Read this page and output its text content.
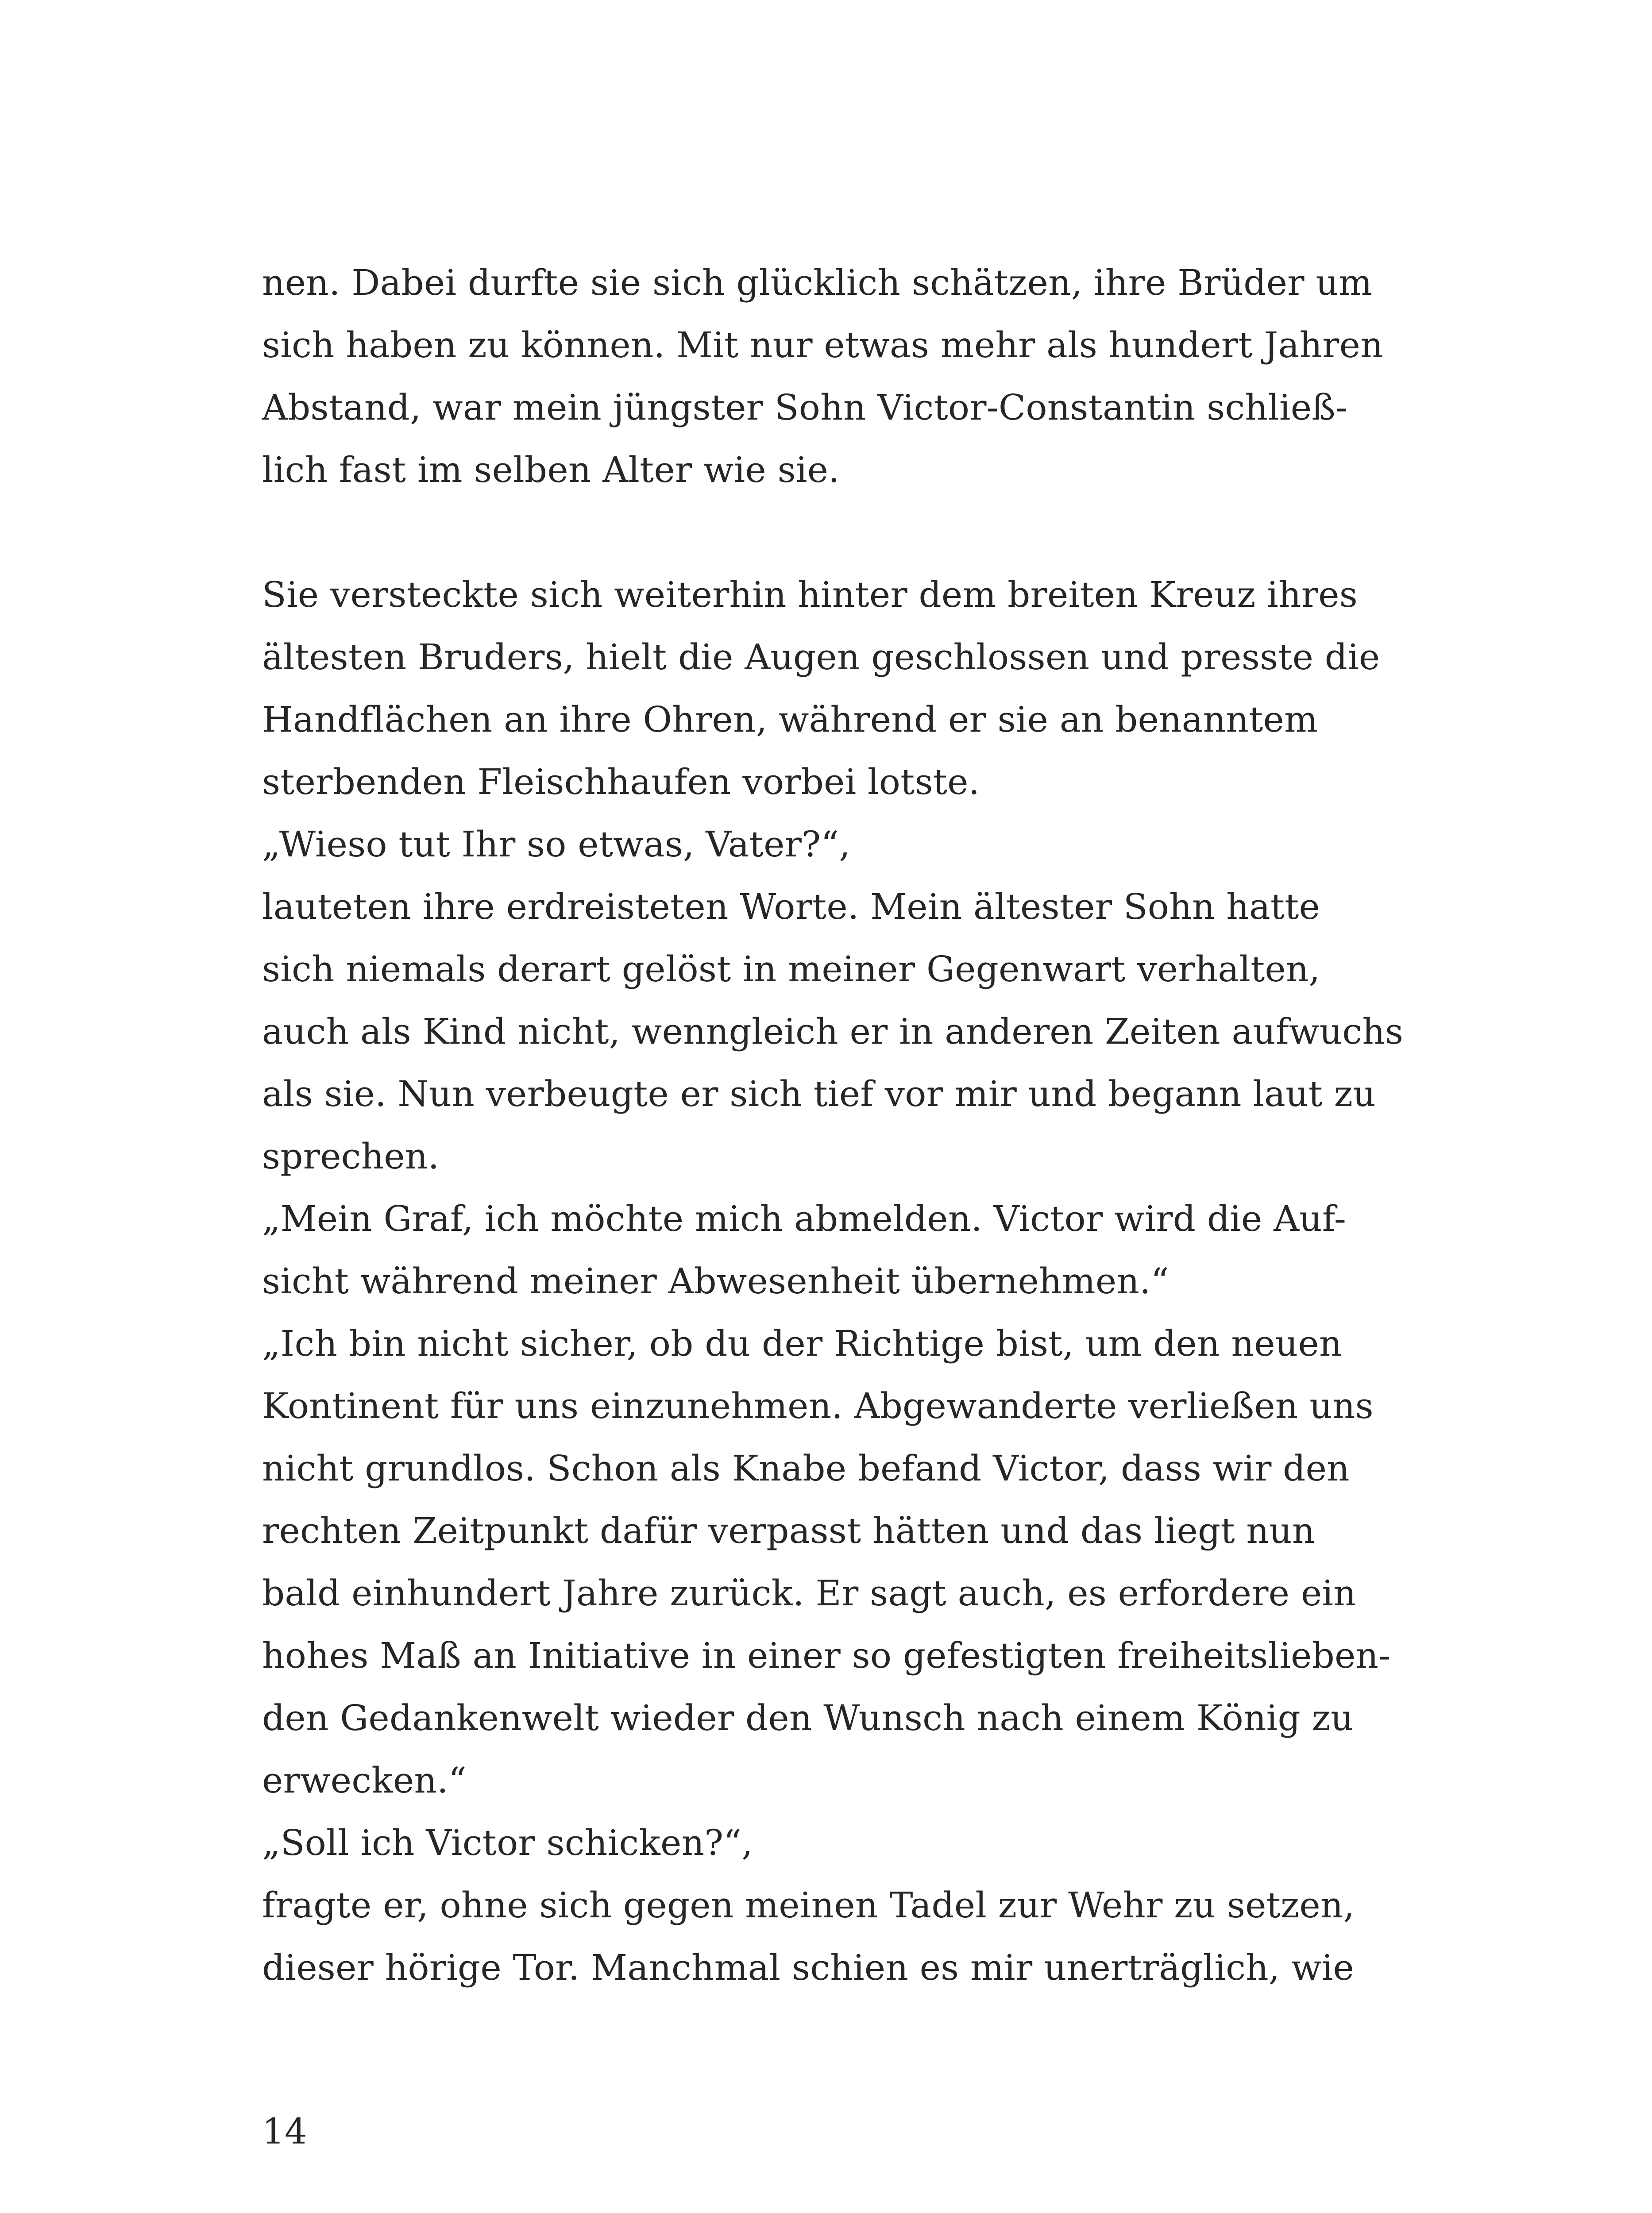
nen. Dabei durfte sie sich glücklich schätzen, ihre Brüder um
sich haben zu können. Mit nur etwas mehr als hundert Jahren
Abstand, war mein jüngster Sohn Victor-Constantin schließ-
lich fast im selben Alter wie sie.
Sie versteckte sich weiterhin hinter dem breiten Kreuz ihres
ältesten Bruders, hielt die Augen geschlossen und presste die
Handflächen an ihre Ohren, während er sie an benanntem
sterbenden Fleischhaufen vorbei lotste.
„Wieso tut Ihr so etwas, Vater?“,
lauteten ihre erdreisteten Worte. Mein ältester Sohn hatte
sich niemals derart gelöst in meiner Gegenwart verhalten,
auch als Kind nicht, wenngleich er in anderen Zeiten aufwuchs
als sie. Nun verbeugte er sich tief vor mir und begann laut zu
sprechen.
„Mein Graf, ich möchte mich abmelden. Victor wird die Auf-
sicht während meiner Abwesenheit übernehmen.“
„Ich bin nicht sicher, ob du der Richtige bist, um den neuen
Kontinent für uns einzunehmen. Abgewanderte verließen uns
nicht grundlos. Schon als Knabe befand Victor, dass wir den
rechten Zeitpunkt dafür verpasst hätten und das liegt nun
bald einhundert Jahre zurück. Er sagt auch, es erfordere ein
hohes Maß an Initiative in einer so gefestigten freiheitslieben-
den Gedankenwelt wieder den Wunsch nach einem König zu
erwecken.“
„Soll ich Victor schicken?“,
fragte er, ohne sich gegen meinen Tadel zur Wehr zu setzen,
dieser hörige Tor. Manchmal schien es mir unerträglich, wie
14
